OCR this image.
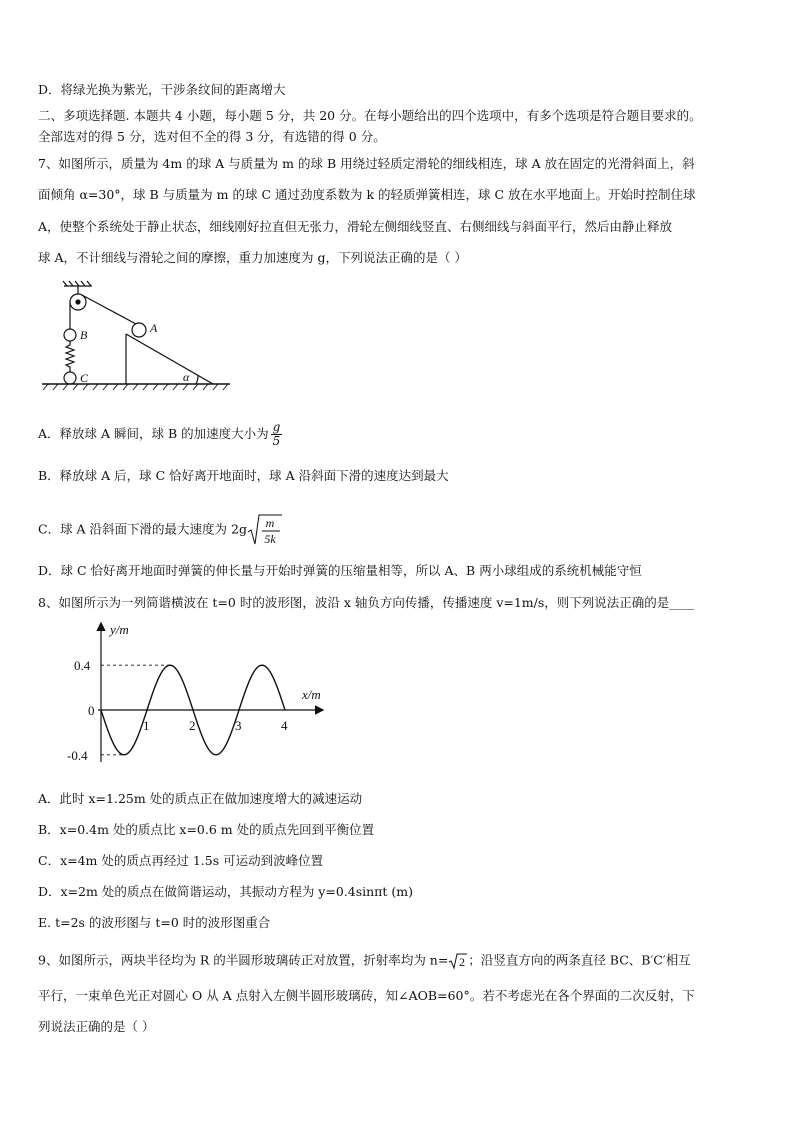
D．将绿光换为紫光，干涉条纹间的距离增大
二、多项选择题. 本题共 4 小题，每小题 5 分，共 20 分。在每小题给出的四个选项中，有多个选项是符合题目要求的。
全部选对的得 5 分，选对但不全的得 3 分，有选错的得 0 分。
7、如图所示，质量为 4m 的球 A 与质量为 m 的球 B 用绕过轻质定滑轮的细线相连，球 A 放在固定的光滑斜面上，斜
面倾角 α=30°，球 B 与质量为 m 的球 C 通过劲度系数为 k 的轻质弹簧相连，球 C 放在水平地面上。开始时控制住球
A，使整个系统处于静止状态，细线刚好拉直但无张力，滑轮左侧细线竖直、右侧细线与斜面平行，然后由静止释放
球 A，不计细线与滑轮之间的摩擦，重力加速度为 g，下列说法正确的是（ ）
A
B
C	α
A．释放球 A 瞬间，球 B 的加速度大小为 $\frac{g}{5}$
B．释放球 A 后，球 C 恰好离开地面时，球 A 沿斜面下滑的速度达到最大
C．球 A 沿斜面下滑的最大速度为 2g m
5k
D．球 C 恰好离开地面时弹簧的伸长量与开始时弹簧的压缩量相等，所以 A、B 两小球组成的系统机械能守恒
8、如图所示为一列简谐横波在 t=0 时的波形图，波沿 x 轴负方向传播，传播速度 v=1m/s，则下列说法正确的是____
y/m
x/m
1	2	3	4
0.4
0
-0.4
A．此时 x=1.25m 处的质点正在做加速度增大的减速运动
B．x=0.4m 处的质点比 x=0.6 m 处的质点先回到平衡位置
C．x=4m 处的质点再经过 1.5s 可运动到波峰位置
D．x=2m 处的质点在做简谐运动，其振动方程为 y=0.4sinπt (m)
E. t=2s 的波形图与 t=0 时的波形图重合
9、如图所示，两块半径均为 R 的半圆形玻璃砖正对放置，折射率均为 n= 2 ；沿竖直方向的两条直径 BC、B′C′相互
平行，一束单色光正对圆心 O 从 A 点射入左侧半圆形玻璃砖，知∠AOB=60°。若不考虑光在各个界面的二次反射，下
列说法正确的是（ ）
